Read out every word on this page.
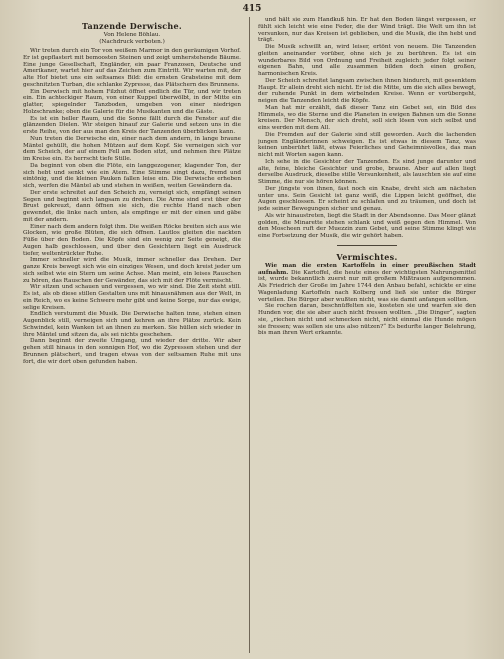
415
Tanzende Derwische.
Von Helene Böhlau.
(Nachdruck verboten.)

Wir treten durch ein Tor von weißem Marmor in den geräumigen Vorhof. Er ist gepflastert mit bemoosten Steinen und zeigt umherstehende Bäume. Eine junge Gesellschaft, Engländer, ein paar Franzosen, Deutsche und Amerikaner, wartet hier auf das Zeichen zum Eintritt. Wir warten mit, der alte Hof bietet uns ein seltsames Bild: die ernsten Grabsteine mit dem geschnitzten Turban, die schlanke Zypresse, das Plätschern des Brunnens.

Ein Derwisch mit hohem Filzhut öffnet endlich die Tür, und wir treten ein. Ein achteckiger Raum, von einer Kuppel überwölbt, in der Mitte ein glatter, spiegelnder Tanzboden, umgeben von einer niedrigen Holzschranke; oben die Galerie für die Musikanten und die Gäste.

Es ist ein heller Raum, und die Sonne fällt durch die Fenster auf die glänzenden Dielen. Wir steigen hinauf zur Galerie und setzen uns in die erste Reihe, von der aus man den Kreis der Tanzenden überblicken kann.

Nun treten die Derwische ein, einer nach dem andern, in lange braune Mäntel gehüllt, die hohen Mützen auf dem Kopf. Sie verneigen sich vor dem Scheich, der auf einem Fell am Boden sitzt, und nehmen ihre Plätze im Kreise ein. Es herrscht tiefe Stille.

Da beginnt von oben die Flöte, ein langgezogener, klagender Ton, der sich hebt und senkt wie ein Atem. Eine Stimme singt dazu, fremd und eintönig, und die kleinen Pauken fallen leise ein. Die Derwische erheben sich, werfen die Mäntel ab und stehen in weißen, weiten Gewändern da.

Der erste schreitet auf den Scheich zu, verneigt sich, empfängt seinen Segen und beginnt sich langsam zu drehen. Die Arme sind erst über der Brust gekreuzt, dann öffnen sie sich, die rechte Hand nach oben gewendet, die linke nach unten, als empfinge er mit der einen und gäbe mit der andern.

Einer nach dem andern folgt ihm. Die weißen Röcke breiten sich aus wie Glocken, wie große Blüten, die sich öffnen. Lautlos gleiten die nackten Füße über den Boden. Die Köpfe sind ein wenig zur Seite geneigt, die Augen halb geschlossen, und über den Gesichtern liegt ein Ausdruck tiefer, weltentrückter Ruhe.

Immer schneller wird die Musik, immer schneller das Drehen. Der ganze Kreis bewegt sich wie ein einziges Wesen, und doch kreist jeder um sich selbst wie ein Stern um seine Achse. Man meint, ein leises Rauschen zu hören, das Rauschen der Gewänder, das sich mit der Flöte vermischt.

Wir sitzen und schauen und vergessen, wo wir sind. Die Zeit steht still. Es ist, als ob diese stillen Gestalten uns mit hinausnähmen aus der Welt, in ein Reich, wo es keine Schwere mehr gibt und keine Sorge, nur das ewige, selige Kreisen.

Endlich verstummt die Musik. Die Derwische halten inne, stehen einen Augenblick still, verneigen sich und kehren an ihre Plätze zurück. Kein Schwindel, kein Wanken ist an ihnen zu merken. Sie hüllen sich wieder in ihre Mäntel und sitzen da, als sei nichts geschehen.

Dann beginnt der zweite Umgang, und wieder der dritte. Wir aber gehen still hinaus in den sonnigen Hof, wo die Zypressen stehen und der Brunnen plätschert, und tragen etwas von der seltsamen Ruhe mit uns fort, die wir dort oben gefunden haben.

und hält sie zum Handkuß hin. Er hat den Boden längst vergessen, er fühlt sich leicht wie eine Feder, die der Wind trägt. Die Welt um ihn ist versunken, nur das Kreisen ist geblieben, und die Musik, die ihn hebt und trägt.

Die Musik schwillt an, wird leiser, ertönt von neuem. Die Tanzenden gleiten aneinander vorüber, ohne sich je zu berühren. Es ist ein wunderbares Bild von Ordnung und Freiheit zugleich: jeder folgt seiner eigenen Bahn, und alle zusammen bilden doch einen großen, harmonischen Kreis.

Der Scheich schreitet langsam zwischen ihnen hindurch, mit gesenktem Haupt. Er allein dreht sich nicht. Er ist die Mitte, um die sich alles bewegt, der ruhende Punkt in dem wirbelnden Kreise. Wenn er vorübergeht, neigen die Tanzenden leicht die Köpfe.

Man hat mir erzählt, daß dieser Tanz ein Gebet sei, ein Bild des Himmels, wo die Sterne und die Planeten in ewigen Bahnen um die Sonne kreisen. Der Mensch, der sich dreht, soll sich lösen von sich selbst und eins werden mit dem All.

Die Fremden auf der Galerie sind still geworden. Auch die lachenden jungen Engländerinnen schweigen. Es ist etwas in diesem Tanz, was keinen unberührt läßt, etwas Feierliches und Geheimnisvolles, das man nicht mit Worten sagen kann.

Ich sehe in die Gesichter der Tanzenden. Es sind junge darunter und alte, feine, bleiche Gesichter und grobe, braune. Aber auf allen liegt derselbe Ausdruck, dieselbe stille Versunkenheit, als lauschten sie auf eine Stimme, die nur sie hören können.

Der jüngste von ihnen, fast noch ein Knabe, dreht sich am nächsten unter uns. Sein Gesicht ist ganz weiß, die Lippen leicht geöffnet, die Augen geschlossen. Er scheint zu schlafen und zu träumen, und doch ist jede seiner Bewegungen sicher und genau.

Als wir hinaustreten, liegt die Stadt in der Abendsonne. Das Meer glänzt golden, die Minarette stehen schlank und weiß gegen den Himmel. Von den Moscheen ruft der Muezzin zum Gebet, und seine Stimme klingt wie eine Fortsetzung der Musik, die wir gehört haben.

Vermischtes.

Wie man die ersten Kartoffeln in einer preußischen Stadt aufnahm. Die Kartoffel, die heute eines der wichtigsten Nahrungsmittel ist, wurde bekanntlich zuerst nur mit großem Mißtrauen aufgenommen. Als Friedrich der Große im Jahre 1744 den Anbau befahl, schickte er eine Wagenladung Kartoffeln nach Kolberg und ließ sie unter die Bürger verteilen. Die Bürger aber wußten nicht, was sie damit anfangen sollten.

Sie rochen daran, beschnüffelten sie, kosteten sie und warfen sie den Hunden vor, die sie aber auch nicht fressen wollten. „Die Dinger“, sagten sie, „riechen nicht und schmecken nicht, nicht einmal die Hunde mögen sie fressen; was sollen sie uns also nützen?“ Es bedurfte langer Belehrung, bis man ihren Wert erkannte.
